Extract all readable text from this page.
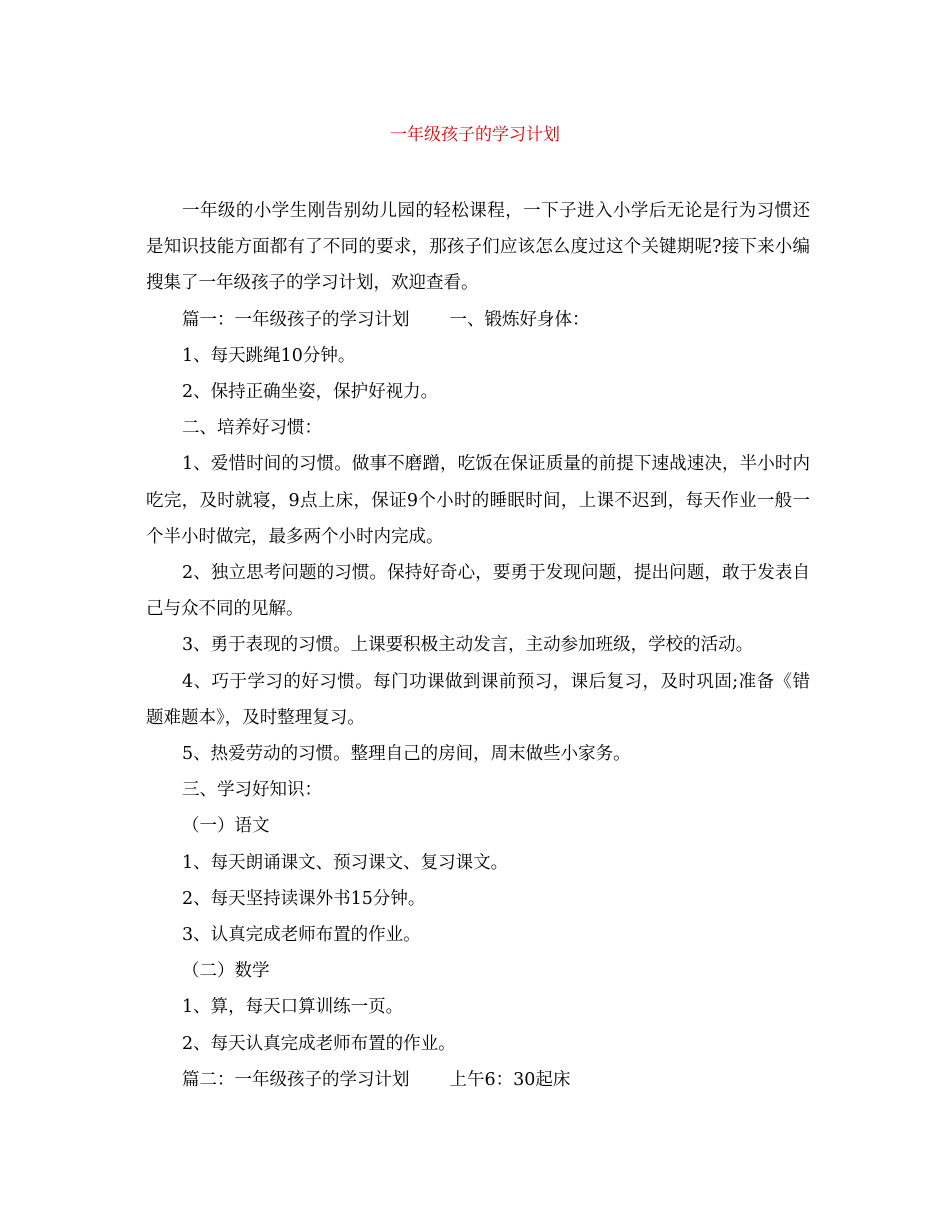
一年级孩子的学习计划

一年级的小学生刚告别幼儿园的轻松课程，一下子进入小学后无论是行为习惯还是知识技能方面都有了不同的要求，那孩子们应该怎么度过这个关键期呢?接下来小编搜集了一年级孩子的学习计划，欢迎查看。

篇一：一年级孩子的学习计划 一、锻炼好身体：

1、每天跳绳10分钟。

2、保持正确坐姿，保护好视力。

二、培养好习惯：

1、爱惜时间的习惯。做事不磨蹭，吃饭在保证质量的前提下速战速决，半小时内吃完，及时就寝，9点上床，保证9个小时的睡眠时间，上课不迟到，每天作业一般一个半小时做完，最多两个小时内完成。

2、独立思考问题的习惯。保持好奇心，要勇于发现问题，提出问题，敢于发表自己与众不同的见解。

3、勇于表现的习惯。上课要积极主动发言，主动参加班级，学校的活动。

4、巧于学习的好习惯。每门功课做到课前预习，课后复习，及时巩固;准备《错题难题本》，及时整理复习。

5、热爱劳动的习惯。整理自己的房间，周末做些小家务。

三、学习好知识：

（一）语文

1、每天朗诵课文、预习课文、复习课文。

2、每天坚持读课外书15分钟。

3、认真完成老师布置的作业。

（二）数学

1、算，每天口算训练一页。

2、每天认真完成老师布置的作业。

篇二：一年级孩子的学习计划 上午6：30起床
